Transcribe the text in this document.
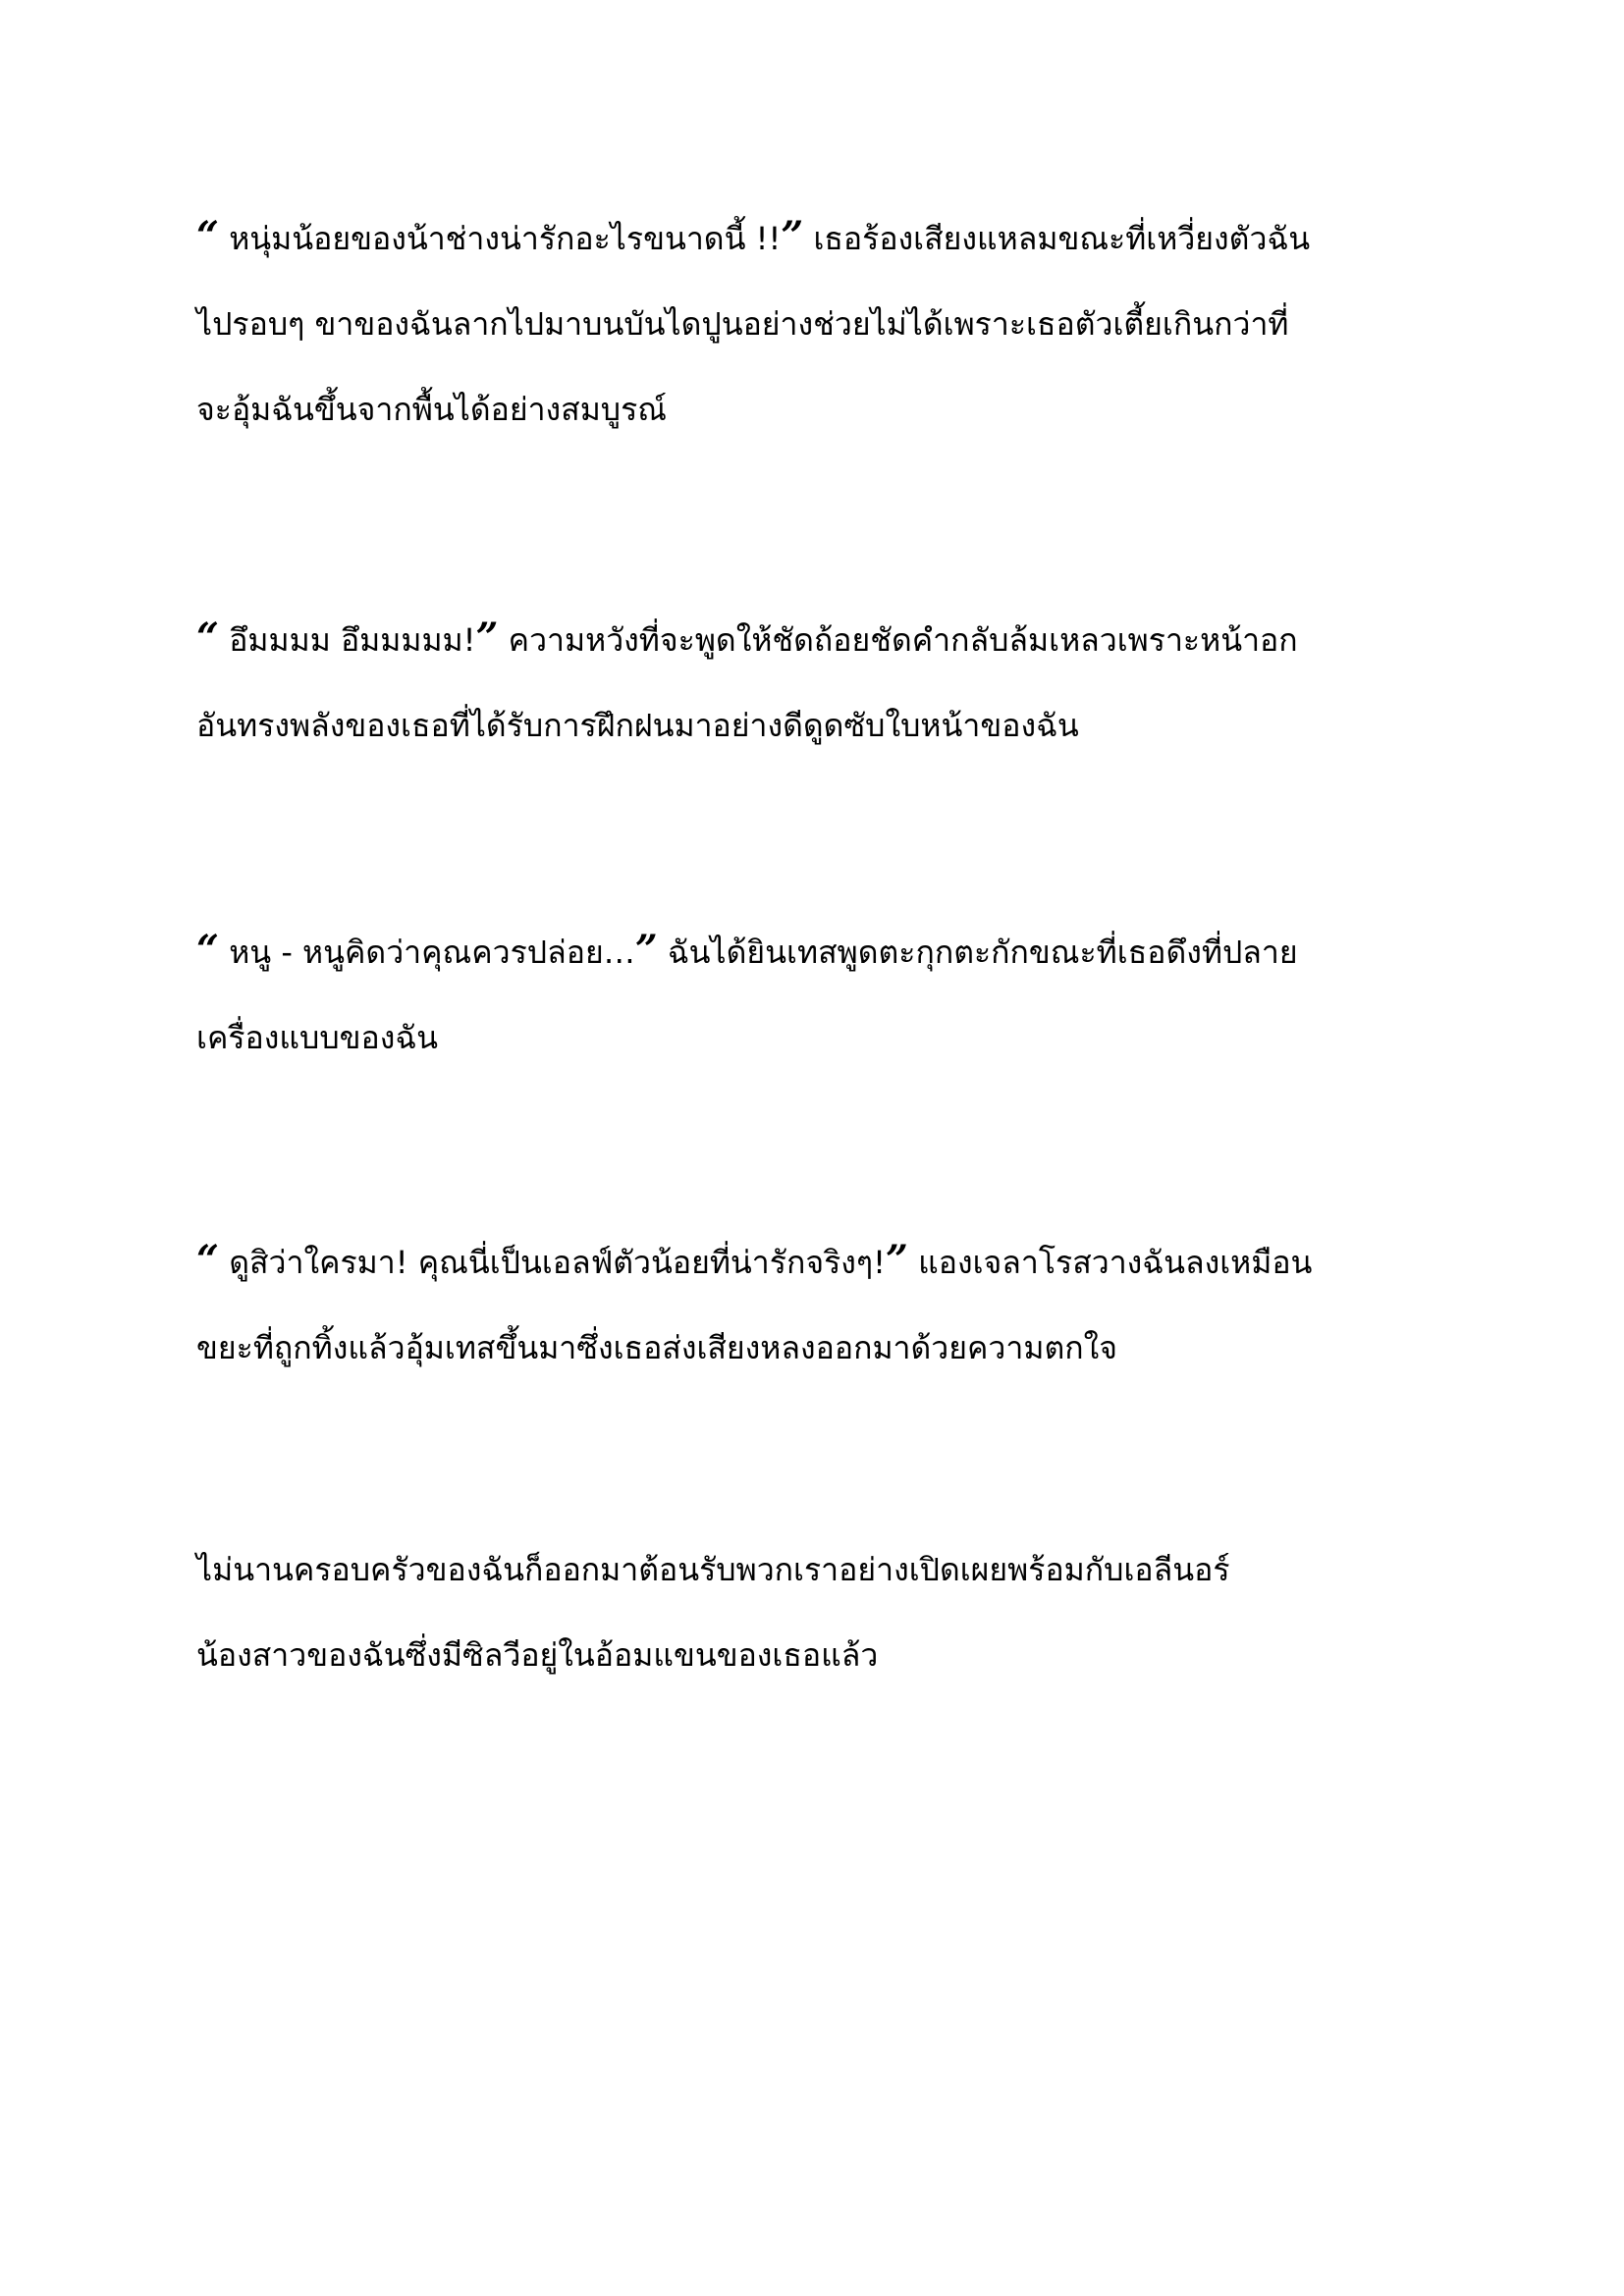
“ หนุ่มน้อยของน้าช่างน่ารักอะไรขนาดนี้ !!” เธอร้องเสียงแหลมขณะที่เหวี่ยงตัวฉัน
ไปรอบๆ ขาของฉันลากไปมาบนบันไดปูนอย่างช่วยไม่ได้เพราะเธอตัวเตี้ยเกินกว่าที่
จะอุ้มฉันขึ้นจากพื้นได้อย่างสมบูรณ์
“ อึมมมม อึมมมมม!” ความหวังที่จะพูดให้ชัดถ้อยชัดคำกลับล้มเหลวเพราะหน้าอก
อันทรงพลังของเธอที่ได้รับการฝึกฝนมาอย่างดีดูดซับใบหน้าของฉัน
“ หนู - หนูคิดว่าคุณควรปล่อย…” ฉันได้ยินเทสพูดตะกุกตะกักขณะที่เธอดึงที่ปลาย
เครื่องแบบของฉัน
“ ดูสิว่าใครมา! คุณนี่เป็นเอลฟ์ตัวน้อยที่น่ารักจริงๆ!” แองเจลาโรสวางฉันลงเหมือน
ขยะที่ถูกทิ้งแล้วอุ้มเทสขึ้นมาซึ่งเธอส่งเสียงหลงออกมาด้วยความตกใจ
ไม่นานครอบครัวของฉันก็ออกมาต้อนรับพวกเราอย่างเปิดเผยพร้อมกับเอลีนอร์
น้องสาวของฉันซึ่งมีซิลวีอยู่ในอ้อมแขนของเธอแล้ว
